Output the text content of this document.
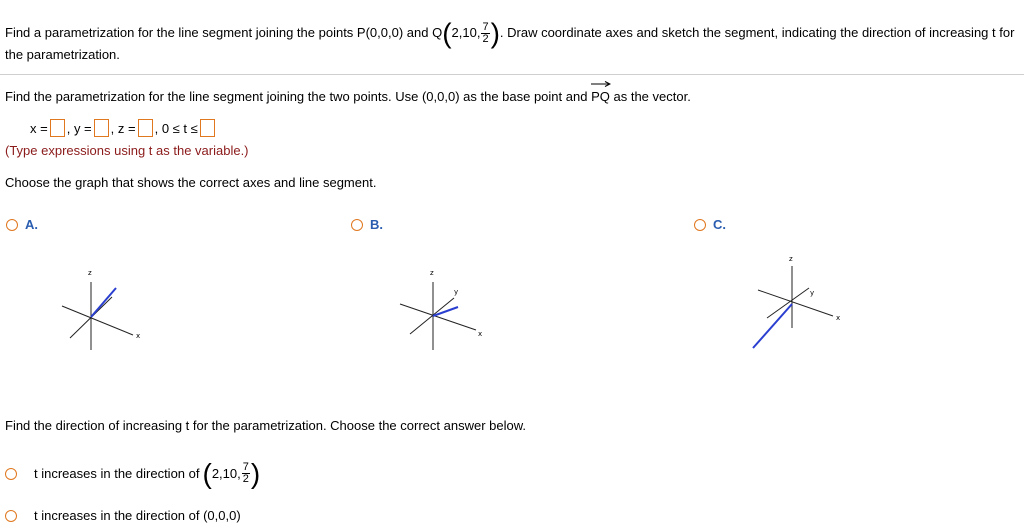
Find a parametrization for the line segment joining the points P(0,0,0) and Q(2,10, $\frac{7}{2}$ ). Draw coordinate axes and sketch the segment, indicating the direction of increasing t for the parametrization.
Find the parametrization for the line segment joining the two points. Use (0,0,0) as the base point and PQ as the vector.
x = , y = , z = , 0 ≤ t ≤
(Type expressions using t as the variable.)
Choose the graph that shows the correct axes and line segment.
A.	B.	C.
z
x
z
y
x
z
y
x
Find the direction of increasing t for the parametrization. Choose the correct answer below.
t increases in the direction of ( 2,10, $\frac{7}{2}$ )
t increases in the direction of (0,0,0)
